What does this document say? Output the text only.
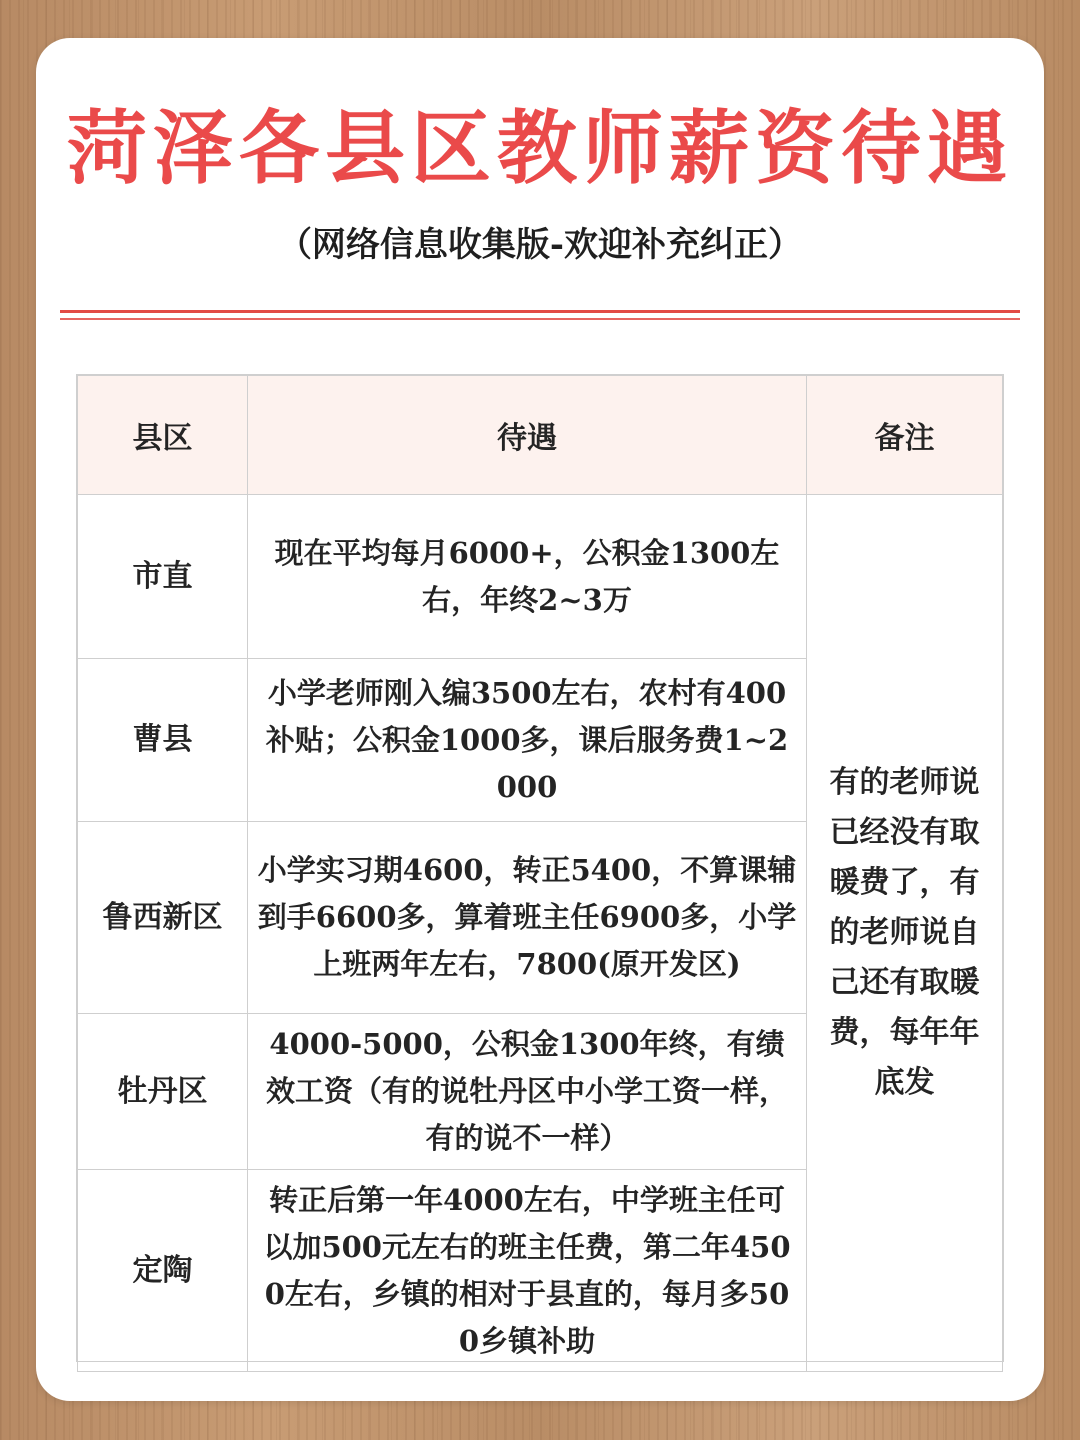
菏泽各县区教师薪资待遇
（网络信息收集版-欢迎补充纠正）
县区	待遇	备注
市直	现在平均每月6000+，公积金1300左右，年终2~3万	有的老师说已经没有取暖费了，有的老师说自己还有取暖费，每年年底发

曹县	小学老师刚入编3500左右，农村有400补贴；公积金1000多，课后服务费1~2000	

鲁西新区	小学实习期4600，转正5400，不算课辅到手6600多，算着班主任6900多，小学上班两年左右，7800(原开发区)	

牡丹区	4000-5000，公积金1300年终，有绩效工资（有的说牡丹区中小学工资一样，有的说不一样）	

定陶	转正后第一年4000左右，中学班主任可以加500元左右的班主任费，第二年4500左右，乡镇的相对于县直的，每月多500乡镇补助	
